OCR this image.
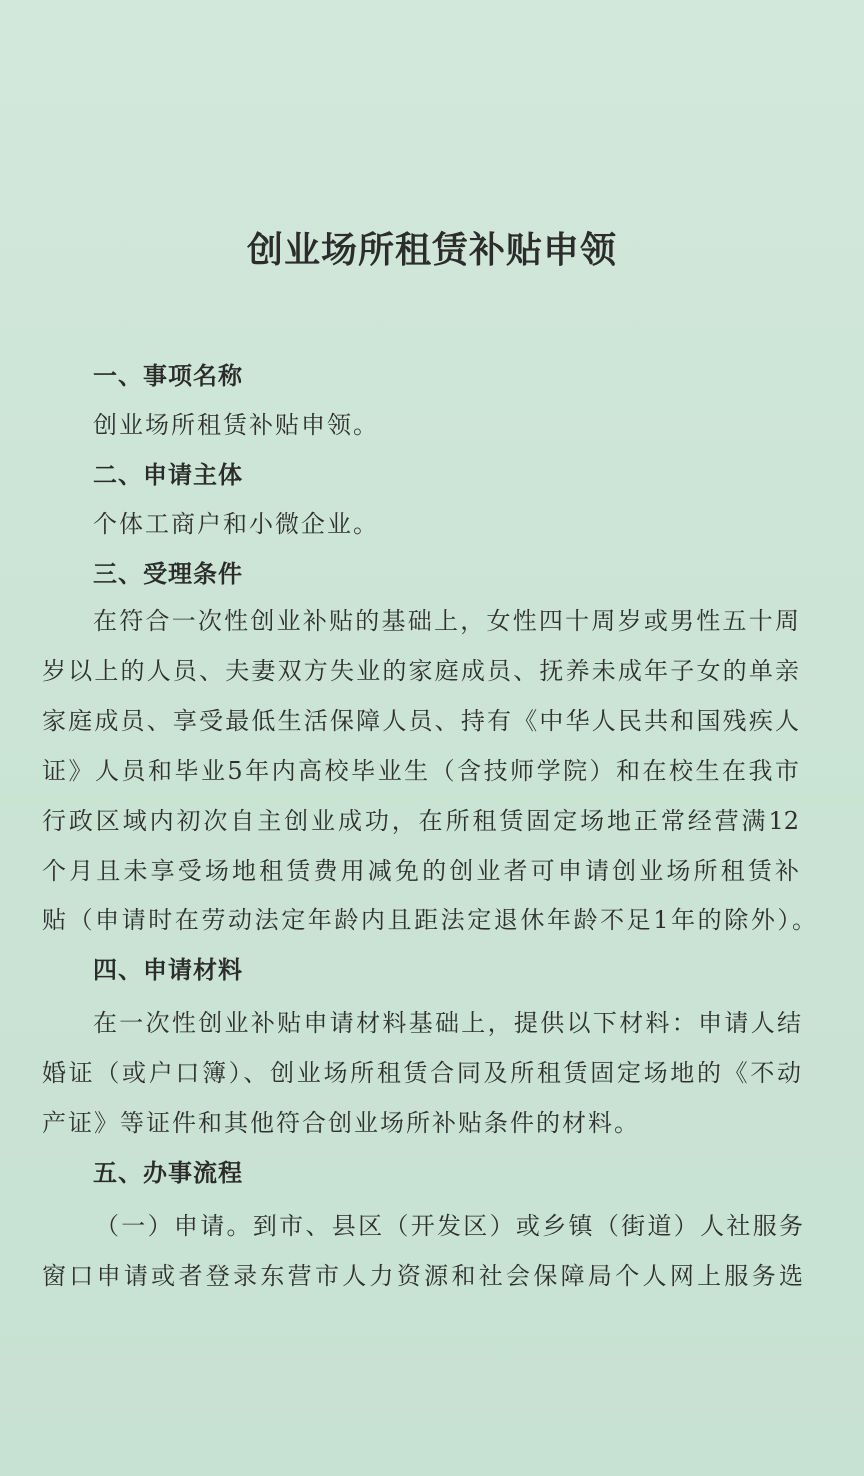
创业场所租赁补贴申领
一、事项名称
创业场所租赁补贴申领。
二、申请主体
个体工商户和小微企业。
三、受理条件
在符合一次性创业补贴的基础上，女性四十周岁或男性五十周
岁以上的人员、夫妻双方失业的家庭成员、抚养未成年子女的单亲
家庭成员、享受最低生活保障人员、持有《中华人民共和国残疾人
证》人员和毕业5年内高校毕业生（含技师学院）和在校生在我市
行政区域内初次自主创业成功，在所租赁固定场地正常经营满12
个月且未享受场地租赁费用减免的创业者可申请创业场所租赁补
贴（申请时在劳动法定年龄内且距法定退休年龄不足1年的除外）。
四、申请材料
在一次性创业补贴申请材料基础上，提供以下材料：申请人结
婚证（或户口簿）、创业场所租赁合同及所租赁固定场地的《不动
产证》等证件和其他符合创业场所补贴条件的材料。
五、办事流程
（一）申请。到市、县区（开发区）或乡镇（街道）人社服务
窗口申请或者登录东营市人力资源和社会保障局个人网上服务选
